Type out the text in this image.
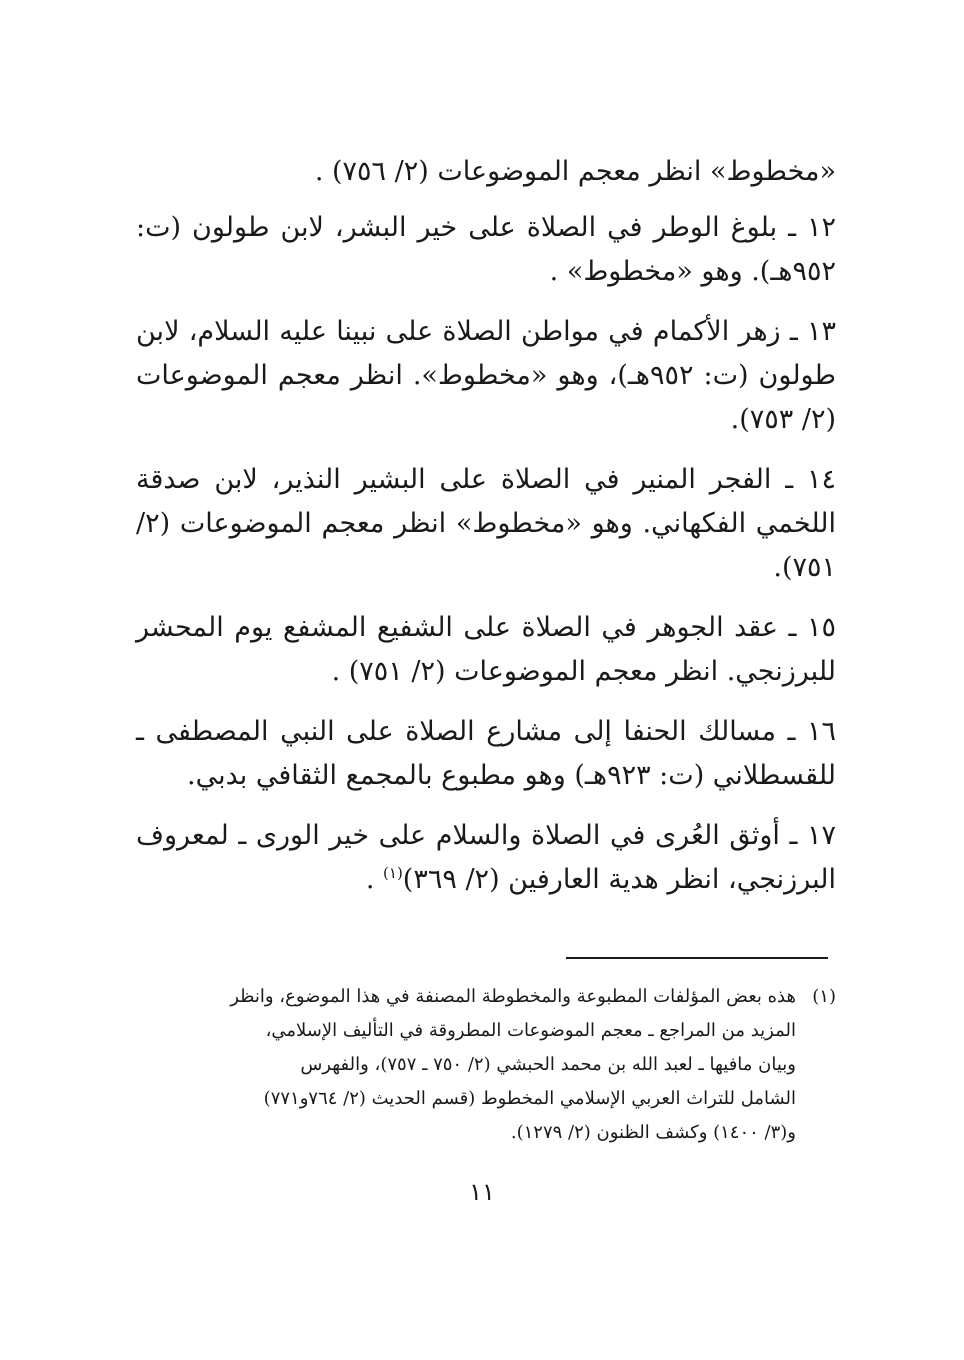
«مخطوط» انظر معجم الموضوعات (٢/ ٧٥٦) .

١٢ ـ بلوغ الوطر في الصلاة على خير البشر، لابن طولون (ت: ٩٥٢هـ). وهو «مخطوط» .

١٣ ـ زهر الأكمام في مواطن الصلاة على نبينا عليه السلام، لابن طولون (ت: ٩٥٢هـ)، وهو «مخطوط». انظر معجم الموضوعات (٢/ ٧٥٣).

١٤ ـ الفجر المنير في الصلاة على البشير النذير، لابن صدقة اللخمي الفكهاني. وهو «مخطوط» انظر معجم الموضوعات (٢/ ٧٥١).

١٥ ـ عقد الجوهر في الصلاة على الشفيع المشفع يوم المحشر للبرزنجي. انظر معجم الموضوعات (٢/ ٧٥١) .

١٦ ـ مسالك الحنفا إلى مشارع الصلاة على النبي المصطفى ـ للقسطلاني (ت: ٩٢٣هـ) وهو مطبوع بالمجمع الثقافي بدبي.

١٧ ـ أوثق العُرى في الصلاة والسلام على خير الورى ـ لمعروف البرزنجي، انظر هدية العارفين (٢/ ٣٦٩)$^{(١)}$ .

(١)
هذه بعض المؤلفات المطبوعة والمخطوطة المصنفة في هذا الموضوع، وانظر
المزيد من المراجع ـ معجم الموضوعات المطروقة في التأليف الإسلامي،
وبيان مافيها ـ لعبد الله بن محمد الحبشي (٢/ ٧٥٠ ـ ٧٥٧)، والفهرس
الشامل للتراث العربي الإسلامي المخطوط (قسم الحديث (٢/ ٧٦٤و٧٧١)
و(٣/ ١٤٠٠) وكشف الظنون (٢/ ١٢٧٩).
١١
